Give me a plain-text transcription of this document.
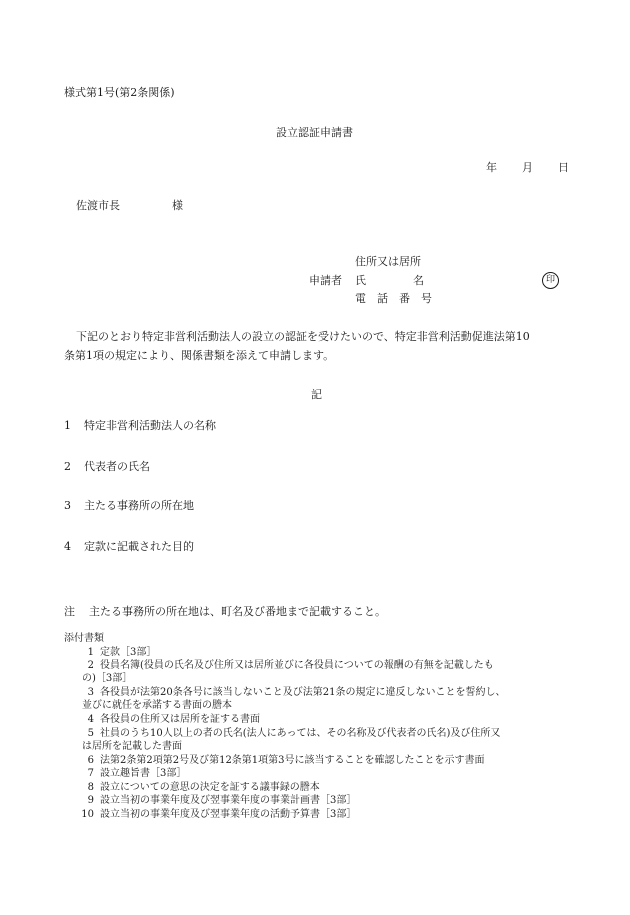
様式第1号(第2条関係)
設立認証申請書
年 月 日
佐渡市長	様
住所又は居所
申請者 氏	名	印
電　話　番　号
下記のとおり特定非営利活動法人の設立の認証を受けたいので、特定非営利活動促進法第10
条第1項の規定により、関係書類を添えて申請します。
記
1 特定非営利活動法人の名称
2 代表者の氏名
3 主たる事務所の所在地
4 定款に記載された目的
注 主たる事務所の所在地は、町名及び番地まで記載すること。
添付書類
1 定款［3部］
2 役員名簿(役員の氏名及び住所又は居所並びに各役員についての報酬の有無を記載したも
の)［3部］
3 各役員が法第20条各号に該当しないこと及び法第21条の規定に違反しないことを誓約し、
並びに就任を承諾する書面の謄本
4 各役員の住所又は居所を証する書面
5 社員のうち10人以上の者の氏名(法人にあっては、その名称及び代表者の氏名)及び住所又
は居所を記載した書面
6 法第2条第2項第2号及び第12条第1項第3号に該当することを確認したことを示す書面
7 設立趣旨書［3部］
8 設立についての意思の決定を証する議事録の謄本
9 設立当初の事業年度及び翌事業年度の事業計画書［3部］
10 設立当初の事業年度及び翌事業年度の活動予算書［3部］
